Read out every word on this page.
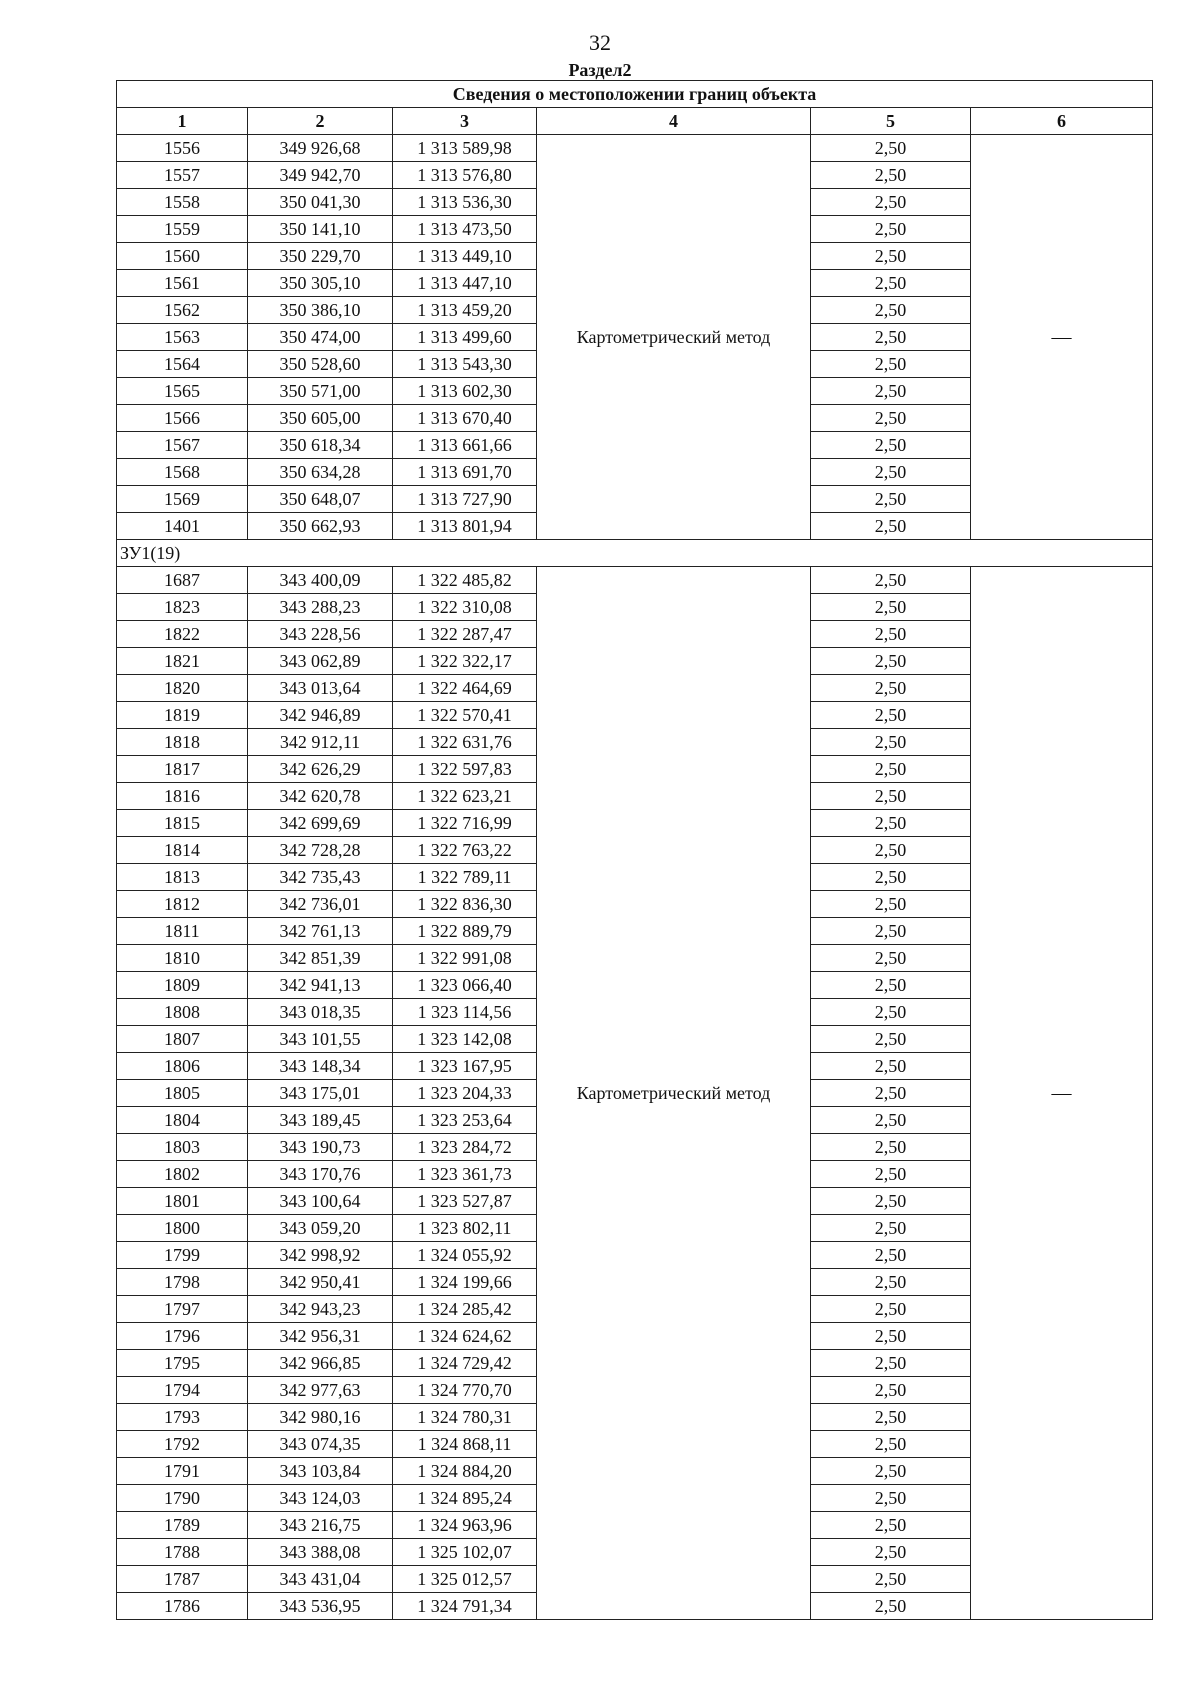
32
Раздел2
Сведения о местоположении границ объекта					
1	2	3	4	5	6
1556	349 926,68	1 313 589,98	Картометрический метод	2,50	—
1557	349 942,70	1 313 576,80		2,50	
1558	350 041,30	1 313 536,30		2,50	
1559	350 141,10	1 313 473,50		2,50	
1560	350 229,70	1 313 449,10		2,50	
1561	350 305,10	1 313 447,10		2,50	
1562	350 386,10	1 313 459,20		2,50	
1563	350 474,00	1 313 499,60		2,50	
1564	350 528,60	1 313 543,30		2,50	
1565	350 571,00	1 313 602,30		2,50	
1566	350 605,00	1 313 670,40		2,50	
1567	350 618,34	1 313 661,66		2,50	
1568	350 634,28	1 313 691,70		2,50	
1569	350 648,07	1 313 727,90		2,50	
1401	350 662,93	1 313 801,94		2,50	
ЗУ1(19)					
1687	343 400,09	1 322 485,82	Картометрический метод	2,50	—
1823	343 288,23	1 322 310,08		2,50	
1822	343 228,56	1 322 287,47		2,50	
1821	343 062,89	1 322 322,17		2,50	
1820	343 013,64	1 322 464,69		2,50	
1819	342 946,89	1 322 570,41		2,50	
1818	342 912,11	1 322 631,76		2,50	
1817	342 626,29	1 322 597,83		2,50	
1816	342 620,78	1 322 623,21		2,50	
1815	342 699,69	1 322 716,99		2,50	
1814	342 728,28	1 322 763,22		2,50	
1813	342 735,43	1 322 789,11		2,50	
1812	342 736,01	1 322 836,30		2,50	
1811	342 761,13	1 322 889,79		2,50	
1810	342 851,39	1 322 991,08		2,50	
1809	342 941,13	1 323 066,40		2,50	
1808	343 018,35	1 323 114,56		2,50	
1807	343 101,55	1 323 142,08		2,50	
1806	343 148,34	1 323 167,95		2,50	
1805	343 175,01	1 323 204,33		2,50	
1804	343 189,45	1 323 253,64		2,50	
1803	343 190,73	1 323 284,72		2,50	
1802	343 170,76	1 323 361,73		2,50	
1801	343 100,64	1 323 527,87		2,50	
1800	343 059,20	1 323 802,11		2,50	
1799	342 998,92	1 324 055,92		2,50	
1798	342 950,41	1 324 199,66		2,50	
1797	342 943,23	1 324 285,42		2,50	
1796	342 956,31	1 324 624,62		2,50	
1795	342 966,85	1 324 729,42		2,50	
1794	342 977,63	1 324 770,70		2,50	
1793	342 980,16	1 324 780,31		2,50	
1792	343 074,35	1 324 868,11		2,50	
1791	343 103,84	1 324 884,20		2,50	
1790	343 124,03	1 324 895,24		2,50	
1789	343 216,75	1 324 963,96		2,50	
1788	343 388,08	1 325 102,07		2,50	
1787	343 431,04	1 325 012,57		2,50	
1786	343 536,95	1 324 791,34		2,50	
